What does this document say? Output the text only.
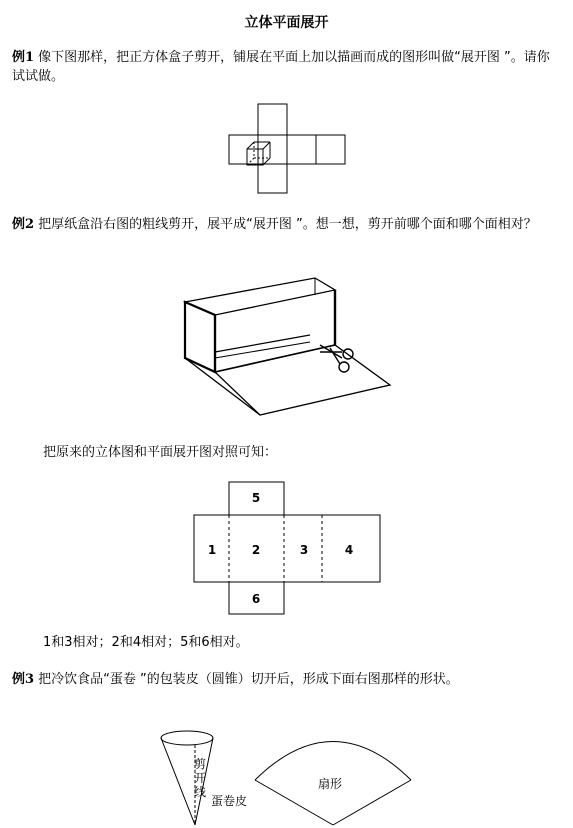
立体平面展开
例1 像下图那样，把正方体盒子剪开，铺展在平面上加以描画而成的图形叫做“展开图 ”。请你试试做。
例2 把厚纸盒沿右图的粗线剪开，展平成“展开图 ”。想一想，剪开前哪个面和哪个面相对？
把原来的立体图和平面展开图对照可知：
5
1	2	3	4
6
1和3相对；2和4相对；5和6相对。
例3 把冷饮食品“蛋卷 ”的包装皮（圆锥）切开后，形成下面右图那样的形状。
剪开线
蛋卷皮
扇形
